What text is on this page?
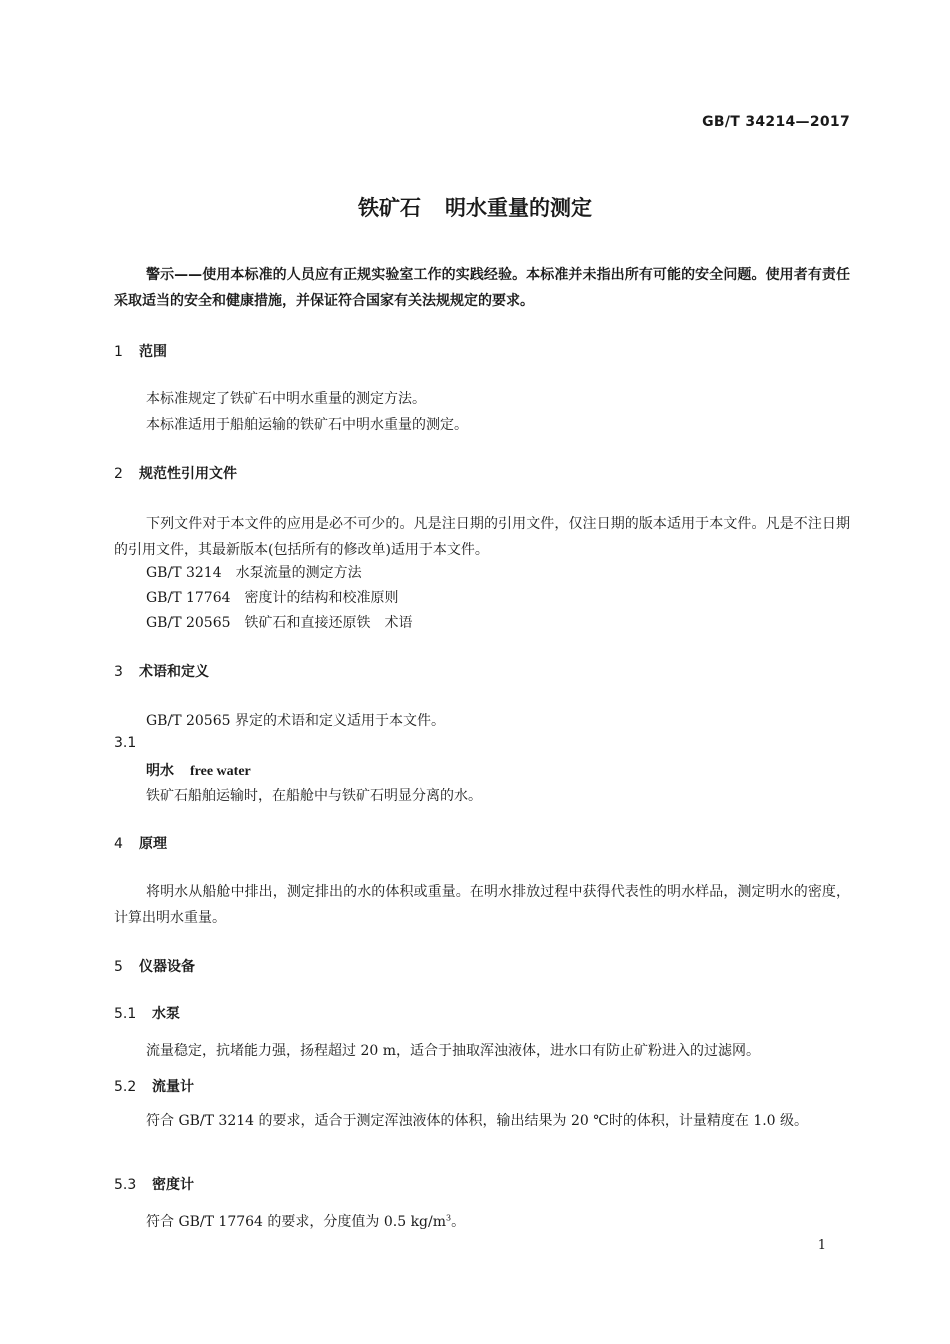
GB/T 34214—2017
铁矿石 明水重量的测定
警示——使用本标准的人员应有正规实验室工作的实践经验。本标准并未指出所有可能的安全问题。使用者有责任采取适当的安全和健康措施，并保证符合国家有关法规规定的要求。
1 范围
本标准规定了铁矿石中明水重量的测定方法。
本标准适用于船舶运输的铁矿石中明水重量的测定。
2 规范性引用文件
下列文件对于本文件的应用是必不可少的。凡是注日期的引用文件，仅注日期的版本适用于本文件。凡是不注日期的引用文件，其最新版本(包括所有的修改单)适用于本文件。
GB/T 3214 水泵流量的测定方法
GB/T 17764 密度计的结构和校准原则
GB/T 20565 铁矿石和直接还原铁　术语
3 术语和定义
GB/T 20565 界定的术语和定义适用于本文件。
3.1
明水 free water
铁矿石船舶运输时，在船舱中与铁矿石明显分离的水。
4 原理
将明水从船舱中排出，测定排出的水的体积或重量。在明水排放过程中获得代表性的明水样品，测定明水的密度，计算出明水重量。
5 仪器设备
5.1 水泵
流量稳定，抗堵能力强，扬程超过 20 m，适合于抽取浑浊液体，进水口有防止矿粉进入的过滤网。
5.2 流量计
符合 GB/T 3214 的要求，适合于测定浑浊液体的体积，输出结果为 20 ℃时的体积，计量精度在 1.0 级。
5.3 密度计
符合 GB/T 17764 的要求，分度值为 0.5 $kg/m^3$。
1
